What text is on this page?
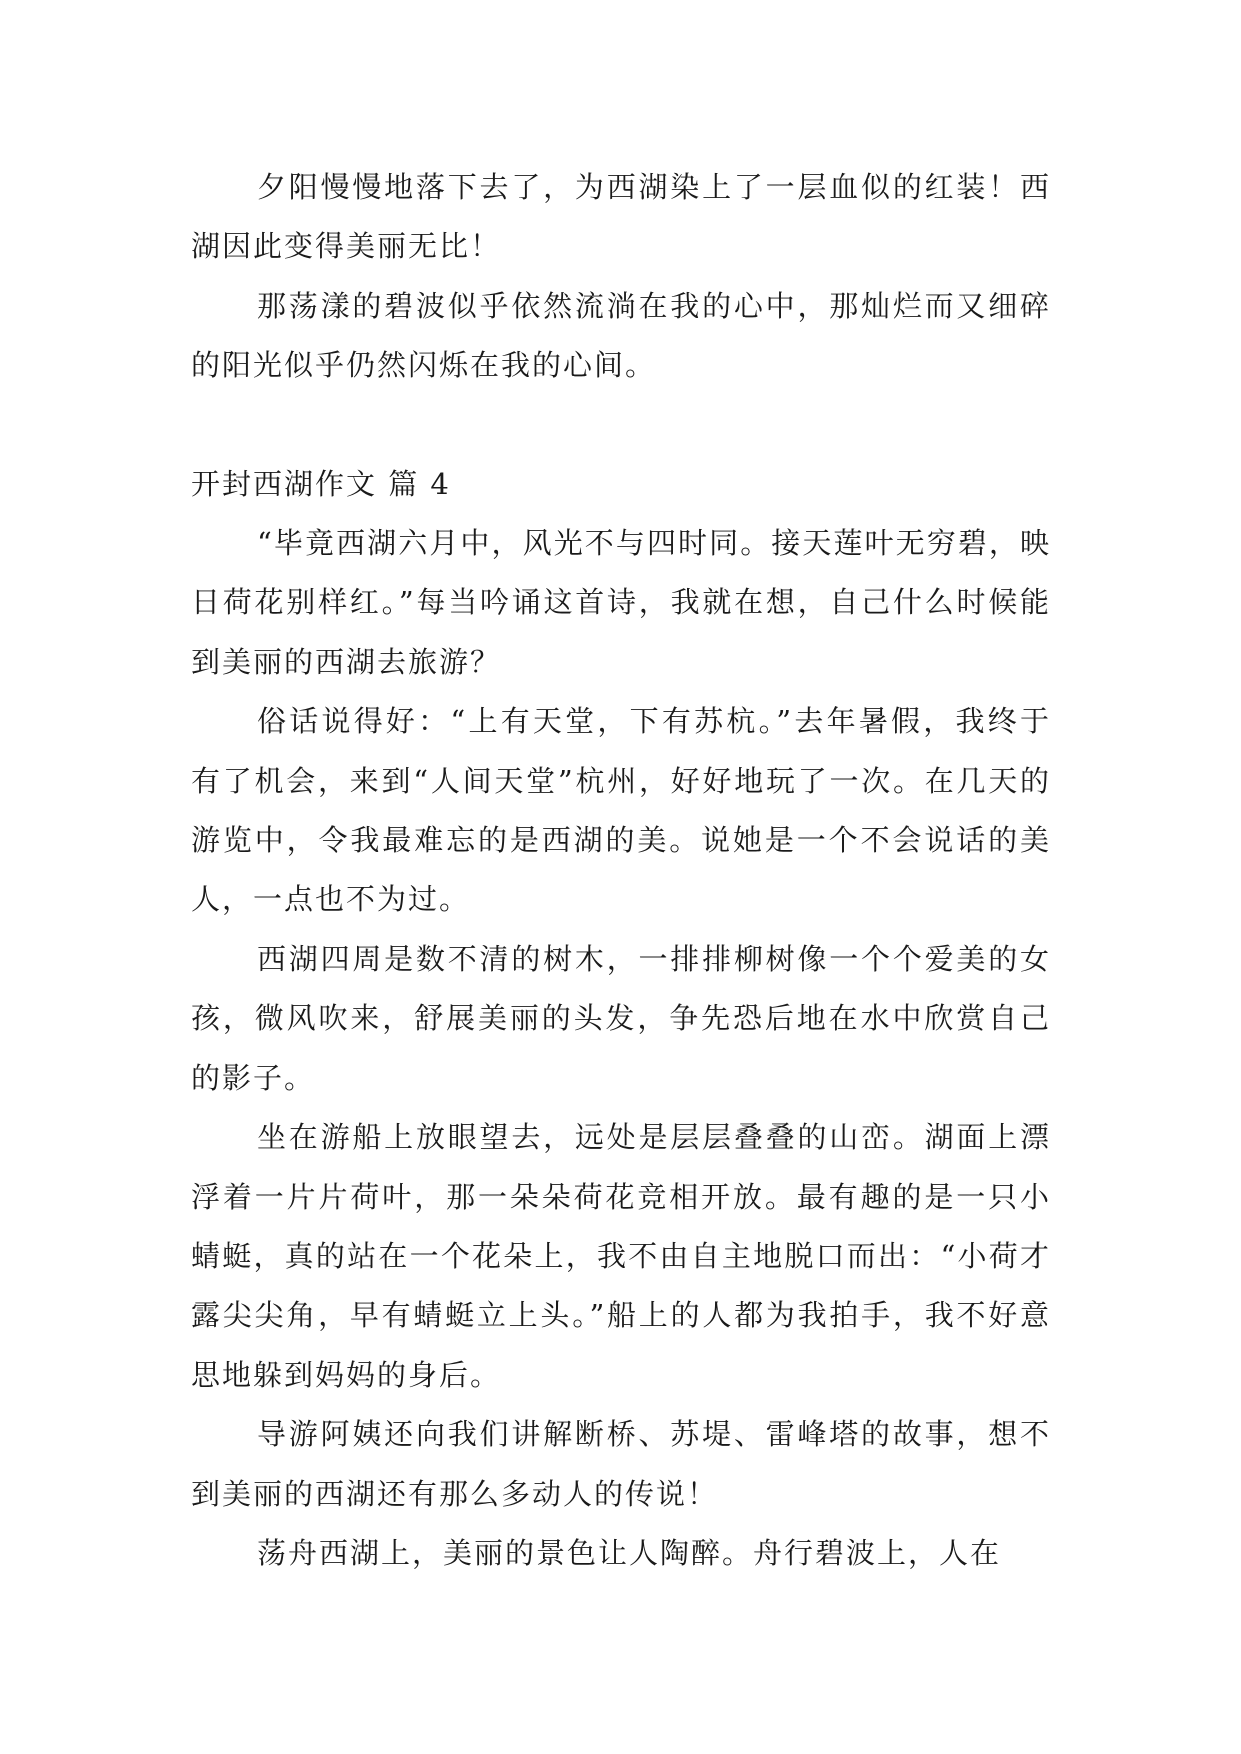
夕阳慢慢地落下去了，为西湖染上了一层血似的红装！西湖因此变得美丽无比！

那荡漾的碧波似乎依然流淌在我的心中，那灿烂而又细碎的阳光似乎仍然闪烁在我的心间。

开封西湖作文 篇 4

“毕竟西湖六月中，风光不与四时同。接天莲叶无穷碧，映日荷花别样红。”每当吟诵这首诗，我就在想，自己什么时候能到美丽的西湖去旅游？

俗话说得好：“上有天堂，下有苏杭。”去年暑假，我终于有了机会，来到“人间天堂”杭州，好好地玩了一次。在几天的游览中，令我最难忘的是西湖的美。说她是一个不会说话的美人，一点也不为过。

西湖四周是数不清的树木，一排排柳树像一个个爱美的女孩，微风吹来，舒展美丽的头发，争先恐后地在水中欣赏自己的影子。

坐在游船上放眼望去，远处是层层叠叠的山峦。湖面上漂浮着一片片荷叶，那一朵朵荷花竞相开放。最有趣的是一只小蜻蜓，真的站在一个花朵上，我不由自主地脱口而出：“小荷才露尖尖角，早有蜻蜓立上头。”船上的人都为我拍手，我不好意思地躲到妈妈的身后。

导游阿姨还向我们讲解断桥、苏堤、雷峰塔的故事，想不到美丽的西湖还有那么多动人的传说！

荡舟西湖上，美丽的景色让人陶醉。舟行碧波上，人在
